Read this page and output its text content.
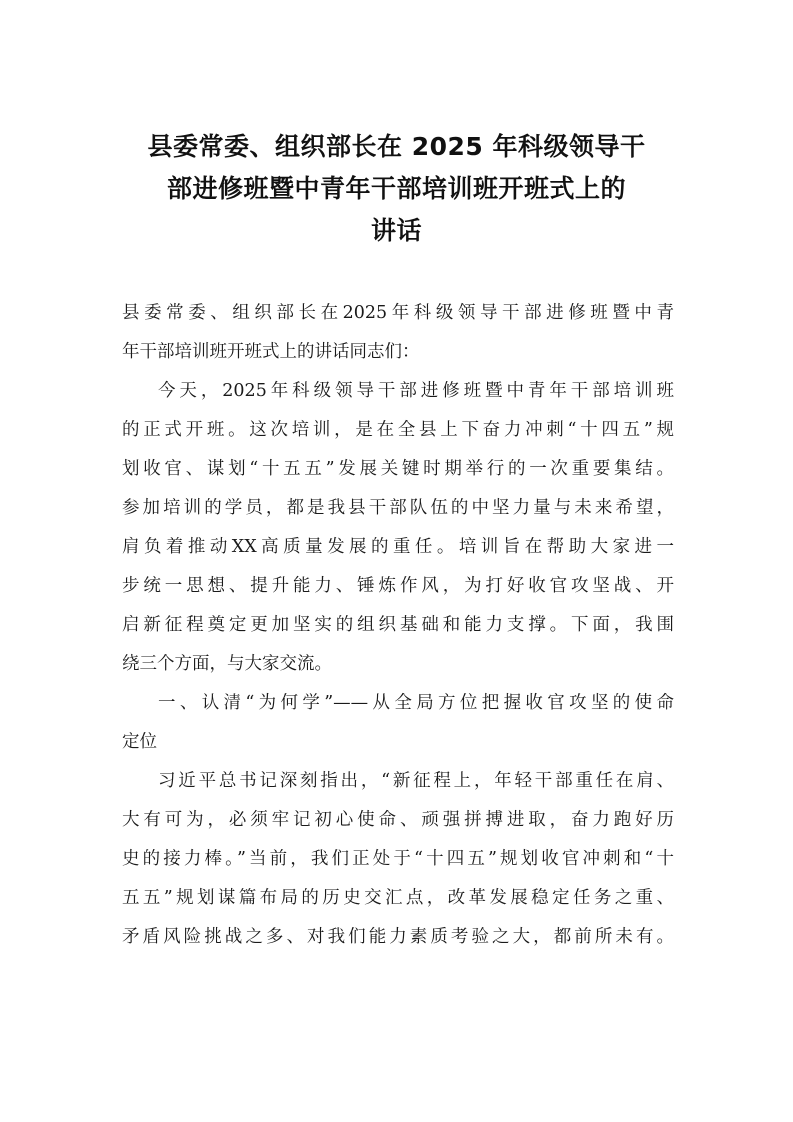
县委常委、组织部长在 2025 年科级领导干
部进修班暨中青年干部培训班开班式上的
讲话
县委常委、组织部长在2025年科级领导干部进修班暨中青
年干部培训班开班式上的讲话同志们：
今天，2025年科级领导干部进修班暨中青年干部培训班
的正式开班。这次培训，是在全县上下奋力冲刺“十四五”规
划收官、谋划“十五五”发展关键时期举行的一次重要集结。
参加培训的学员，都是我县干部队伍的中坚力量与未来希望，
肩负着推动XX高质量发展的重任。培训旨在帮助大家进一
步统一思想、提升能力、锤炼作风，为打好收官攻坚战、开
启新征程奠定更加坚实的组织基础和能力支撑。下面，我围
绕三个方面，与大家交流。
一、认清“为何学”——从全局方位把握收官攻坚的使命
定位
习近平总书记深刻指出，“新征程上，年轻干部重任在肩、
大有可为，必须牢记初心使命、顽强拼搏进取，奋力跑好历
史的接力棒。”当前，我们正处于“十四五”规划收官冲刺和“十
五五”规划谋篇布局的历史交汇点，改革发展稳定任务之重、
矛盾风险挑战之多、对我们能力素质考验之大，都前所未有。
